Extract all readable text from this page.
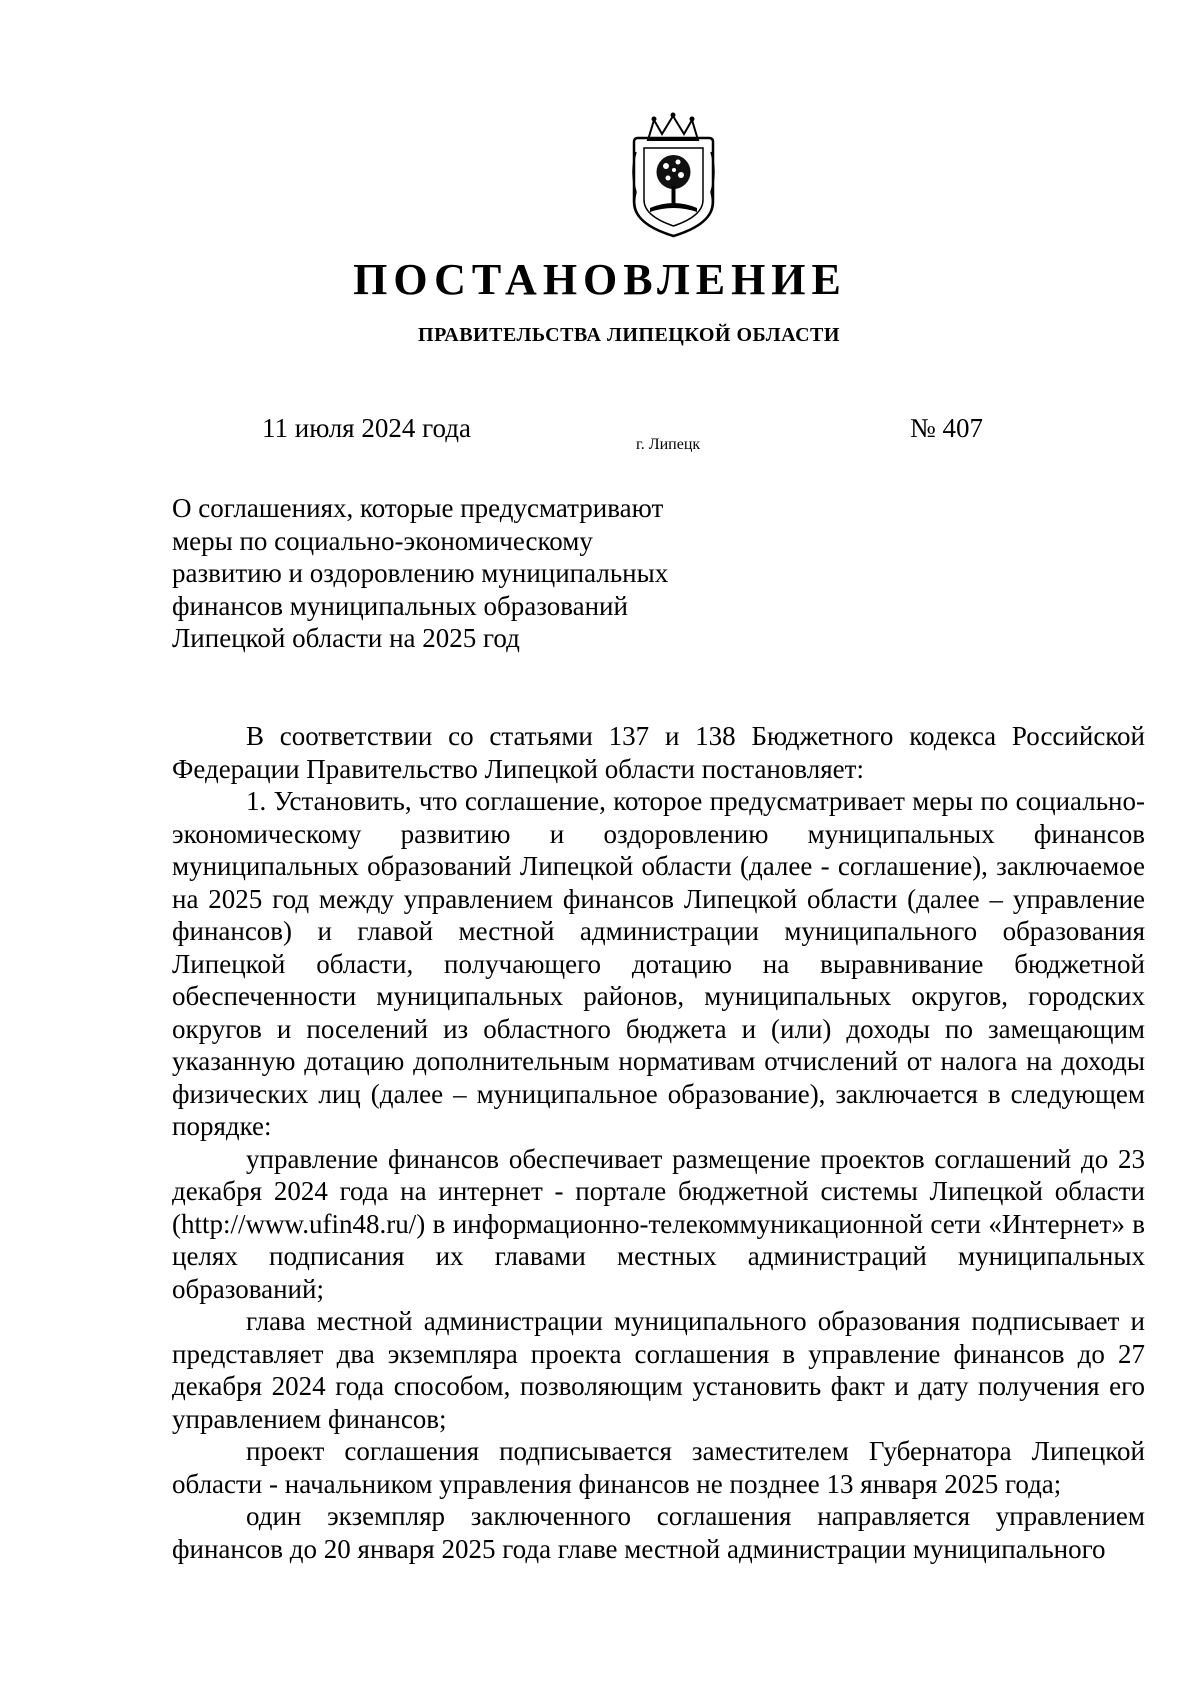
ПОСТАНОВЛЕНИЕ
ПРАВИТЕЛЬСТВА ЛИПЕЦКОЙ ОБЛАСТИ
11 июля 2024 года
г. Липецк
№ 407
О соглашениях, которые предусматривают
меры по социально-экономическому
развитию и оздоровлению муниципальных
финансов муниципальных образований
Липецкой области на 2025 год

В соответствии со статьями 137 и 138 Бюджетного кодекса Российской Федерации Правительство Липецкой области постановляет:

1. Установить, что соглашение, которое предусматривает меры по социально-экономическому развитию и оздоровлению муниципальных финансов муниципальных образований Липецкой области (далее - соглашение), заключаемое на 2025 год между управлением финансов Липецкой области (далее – управление финансов) и главой местной администрации муниципального образования Липецкой области, получающего дотацию на выравнивание бюджетной обеспеченности муниципальных районов, муниципальных округов, городских округов и поселений из областного бюджета и (или) доходы по замещающим указанную дотацию дополнительным нормативам отчислений от налога на доходы физических лиц (далее – муниципальное образование), заключается в следующем порядке:

управление финансов обеспечивает размещение проектов соглашений до 23 декабря 2024 года на интернет - портале бюджетной системы Липецкой области (http://www.ufin48.ru/) в информационно-телекоммуникационной сети «Интернет» в целях подписания их главами местных администраций муниципальных образований;

глава местной администрации муниципального образования подписывает и представляет два экземпляра проекта соглашения в управление финансов до 27 декабря 2024 года способом, позволяющим установить факт и дату получения его управлением финансов;

проект соглашения подписывается заместителем Губернатора Липецкой области - начальником управления финансов не позднее 13 января 2025 года;

один экземпляр заключенного соглашения направляется управлением финансов до 20 января 2025 года главе местной администрации муниципального
